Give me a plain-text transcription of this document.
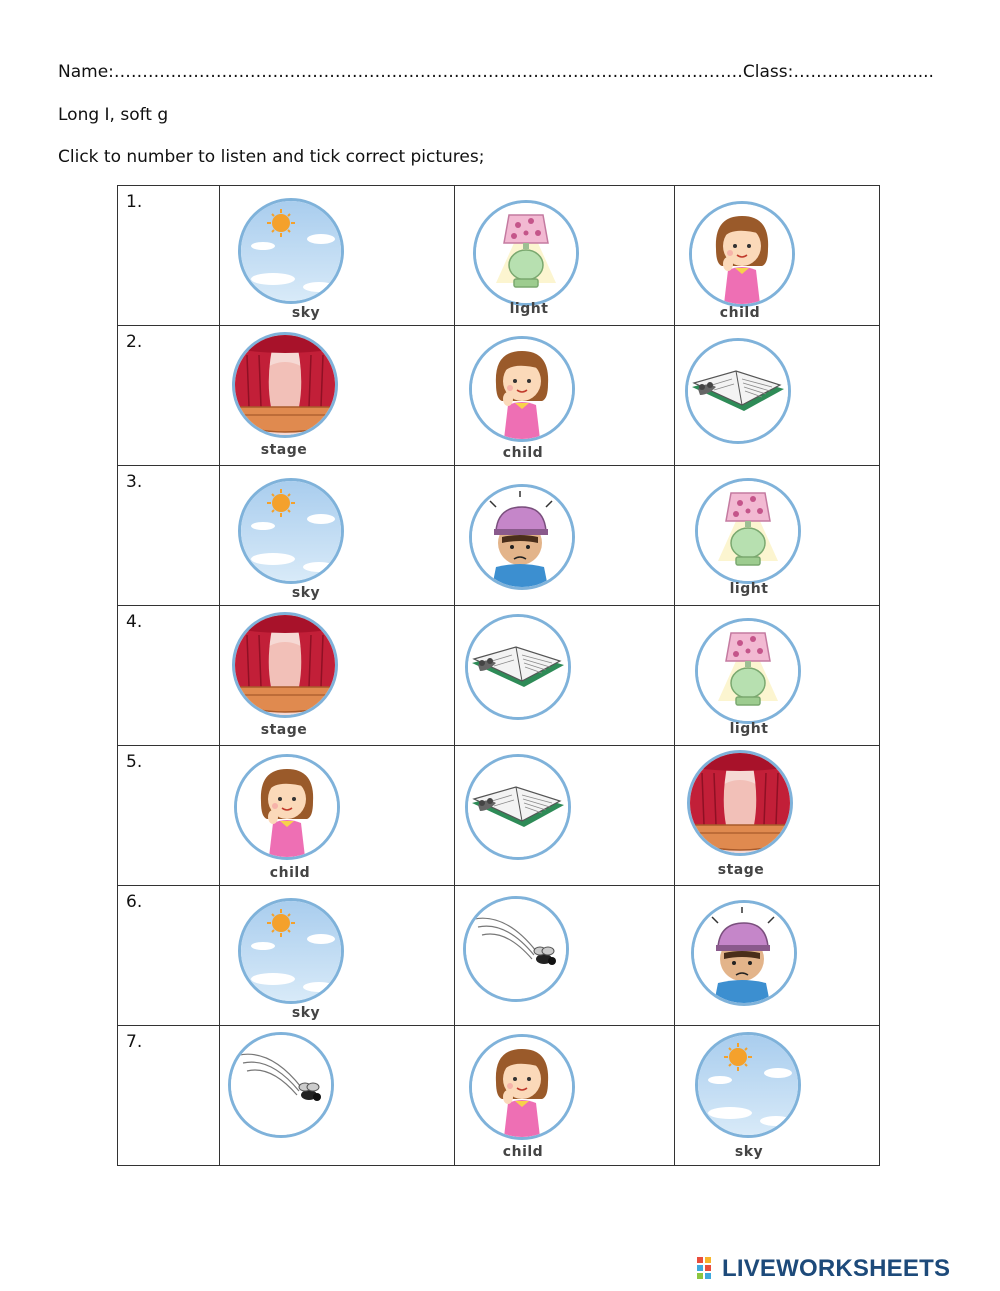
Name:…………………………………………………………………………………………………Class:…………………....
Long I, soft g
Click to number to listen and tick correct pictures;
1.	sky	light	child

2.	stage	child

3.	sky		light

4.	stage		light

5.	child		stage

6.	sky

7.		child	sky
LIVEWORKSHEETS
